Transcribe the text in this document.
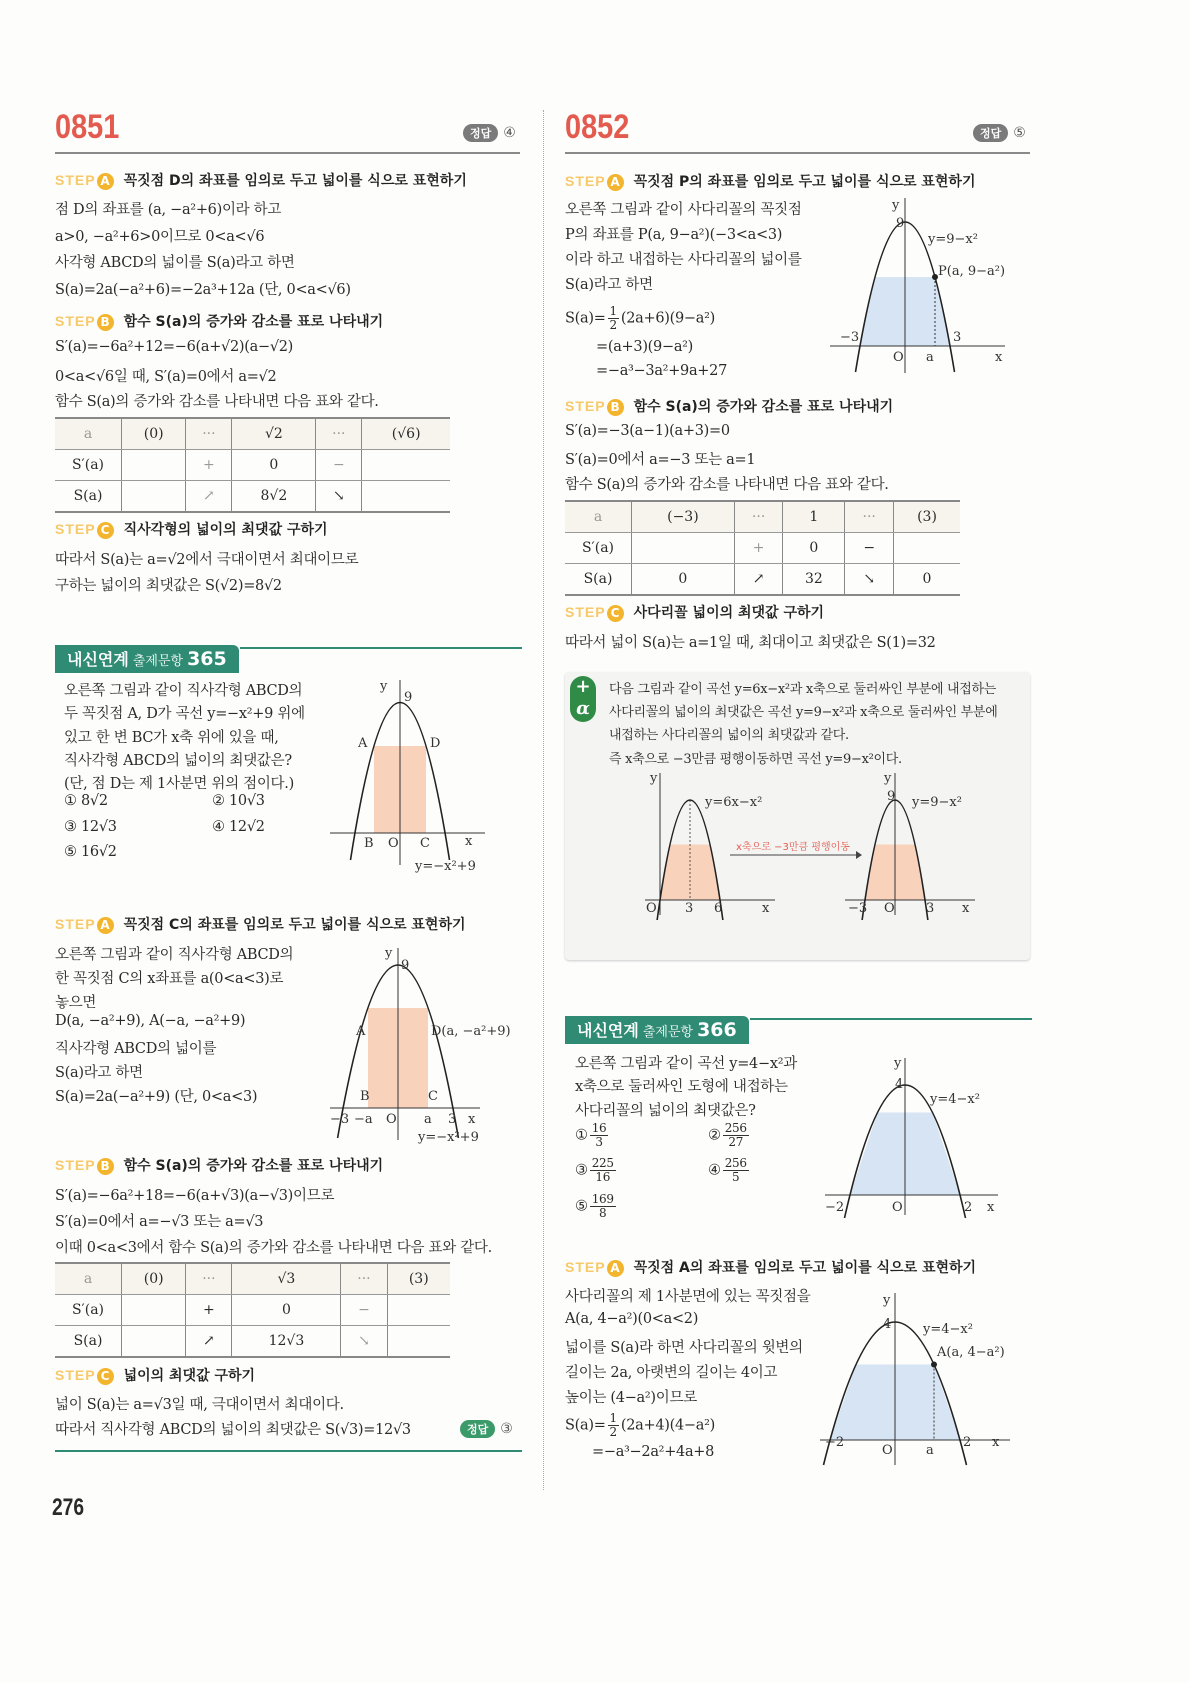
0851	정답 ④
STEP A 꼭짓점 D의 좌표를 임의로 두고 넓이를 식으로 표현하기
점 D의 좌표를 (a, −a²+6)이라 하고
a>0, −a²+6>0이므로 0<a<√6
사각형 ABCD의 넓이를 S(a)라고 하면
S(a)=2a(−a²+6)=−2a³+12a (단, 0<a<√6)
STEP B 함수 S(a)의 증가와 감소를 표로 나타내기
S′(a)=−6a²+12=−6(a+√2)(a−√2)
0<a<√6일 때, S′(a)=0에서 a=√2
함수 S(a)의 증가와 감소를 나타내면 다음 표와 같다.
a	(0)	···	√2	···	(√6)
S′(a)		+	0	−	
S(a)		↗	8√2	↘	
STEP C 직사각형의 넓이의 최댓값 구하기
따라서 S(a)는 a=√2에서 극대이면서 최대이므로
구하는 넓이의 최댓값은 S(√2)=8√2
내신연계 출제문항 365
오른쪽 그림과 같이 직사각형 ABCD의
두 꼭짓점 A, D가 곡선 y=−x²+9 위에
있고 한 변 BC가 x축 위에 있을 때,
직사각형 ABCD의 넓이의 최댓값은?
(단, 점 D는 제 1사분면 위의 점이다.)
① 8√2	② 10√3
③ 12√3	④ 12√2
⑤ 16√2
y
9
A	D
B O C	x
y=−x²+9
STEP A 꼭짓점 C의 좌표를 임의로 두고 넓이를 식으로 표현하기
오른쪽 그림과 같이 직사각형 ABCD의
한 꼭짓점 C의 x좌표를 a(0<a<3)로
놓으면
D(a, −a²+9), A(−a, −a²+9)
직사각형 ABCD의 넓이를
S(a)라고 하면
S(a)=2a(−a²+9) (단, 0<a<3)
y
9
A	D(a, −a²+9)
B	C
−3 −a O a 3 x
y=−x²+9
STEP B 함수 S(a)의 증가와 감소를 표로 나타내기
S′(a)=−6a²+18=−6(a+√3)(a−√3)이므로
S′(a)=0에서 a=−√3 또는 a=√3
이때 0<a<3에서 함수 S(a)의 증가와 감소를 나타내면 다음 표와 같다.
a	(0)	···	√3	···	(3)
S′(a)		+	0	−	
S(a)		↗	12√3	↘	
STEP C 넓이의 최댓값 구하기
넓이 S(a)는 a=√3일 때, 극대이면서 최대이다.
따라서 직사각형 ABCD의 넓이의 최댓값은 S(√3)=12√3	정답 ③
276
0852	정답 ⑤
STEP A 꼭짓점 P의 좌표를 임의로 두고 넓이를 식으로 표현하기
오른쪽 그림과 같이 사다리꼴의 꼭짓점
P의 좌표를 P(a, 9−a²)(−3<a<3)
이라 하고 내접하는 사다리꼴의 넓이를
S(a)라고 하면
$S(a)= \frac{1}{2} (2a+6)(9-a^2)$
=(a+3)(9−a²)
=−a³−3a²+9a+27
y
9
y=9−x²
P(a, 9−a²)
−3	3
O a	x
STEP B 함수 S(a)의 증가와 감소를 표로 나타내기
S′(a)=−3(a−1)(a+3)=0
S′(a)=0에서 a=−3 또는 a=1
함수 S(a)의 증가와 감소를 나타내면 다음 표와 같다.
a	(−3)	···	1	···	(3)
S′(a)		+	0	−	
S(a)	0	↗	32	↘	0
STEP C 사다리꼴 넓이의 최댓값 구하기
따라서 넓이 S(a)는 a=1일 때, 최대이고 최댓값은 S(1)=32
+
α
다음 그림과 같이 곡선 y=6x−x²과 x축으로 둘러싸인 부분에 내접하는
사다리꼴의 넓이의 최댓값은 곡선 y=9−x²과 x축으로 둘러싸인 부분에
내접하는 사다리꼴의 넓이의 최댓값과 같다.
즉 x축으로 −3만큼 평행이동하면 곡선 y=9−x²이다.
y
y=6x−x²
O 3 6	x
x축으로 −3만큼 평행이동
y
9 y=9−x²
−3 O 3 x
내신연계 출제문항 366
오른쪽 그림과 같이 곡선 y=4−x²과
x축으로 둘러싸인 도형에 내접하는
사다리꼴의 넓이의 최댓값은?
① $\frac{16}{3}$	② $\frac{256}{27}$
③ $\frac{225}{16}$	④ $\frac{256}{5}$
⑤ $\frac{169}{8}$
y
4
y=4−x²
−2	O	2 x
STEP A 꼭짓점 A의 좌표를 임의로 두고 넓이를 식으로 표현하기
사다리꼴의 제 1사분면에 있는 꼭짓점을
A(a, 4−a²)(0<a<2)
넓이를 S(a)라 하면 사다리꼴의 윗변의
길이는 2a, 아랫변의 길이는 4이고
높이는 (4−a²)이므로
$S(a)= \frac{1}{2} (2a+4)(4-a^2)$
=−a³−2a²+4a+8
y
4 y=4−x²
A(a, 4−a²)
−2
O	a
2 x
